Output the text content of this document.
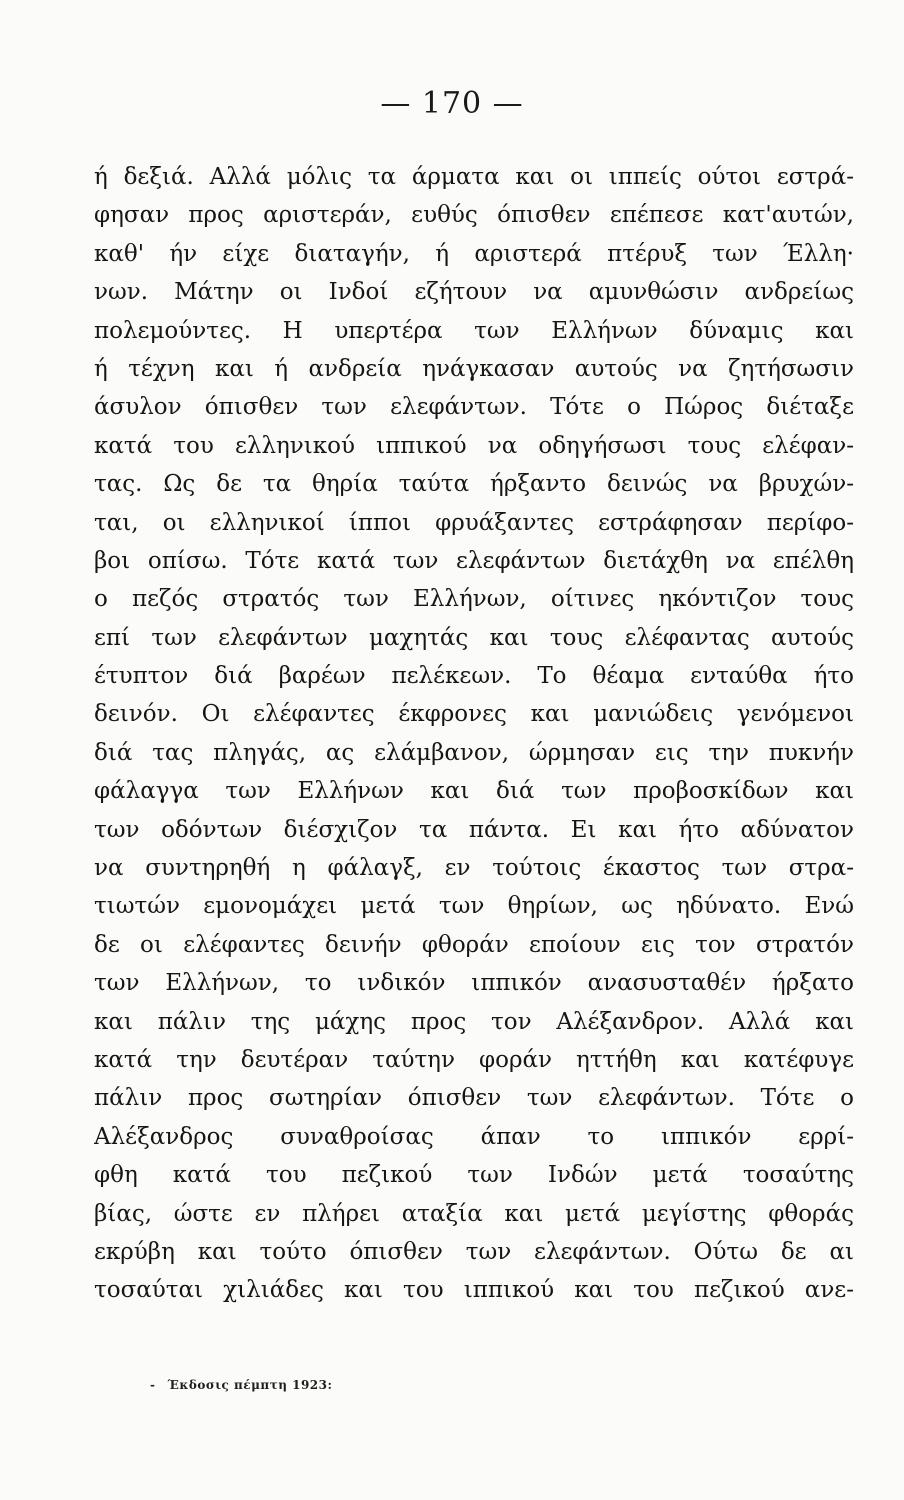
— 170 —
ή δεξιά. Αλλά μόλις τα άρματα και οι ιππείς ούτοι εστρά-
φησαν προς αριστεράν, ευθύς όπισθεν επέπεσε κατ'αυτών,
καθ' ήν είχε διαταγήν, ή αριστερά πτέρυξ των Έλλη·
νων. Μάτην οι Ινδοί εζήτουν να αμυνθώσιν ανδρείως
πολεμούντες. Η υπερτέρα των Ελλήνων δύναμις και
ή τέχνη και ή ανδρεία ηνάγκασαν αυτούς να ζητήσωσιν
άσυλον όπισθεν των ελεφάντων. Τότε ο Πώρος διέταξε
κατά του ελληνικού ιππικού να οδηγήσωσι τους ελέφαν-
τας. Ως δε τα θηρία ταύτα ήρξαντο δεινώς να βρυχών-
ται, οι ελληνικοί ίπποι φρυάξαντες εστράφησαν περίφο-
βοι οπίσω. Τότε κατά των ελεφάντων διετάχθη να επέλθη
ο πεζός στρατός των Ελλήνων, οίτινες ηκόντιζον τους
επί των ελεφάντων μαχητάς και τους ελέφαντας αυτούς
έτυπτον διά βαρέων πελέκεων. Το θέαμα ενταύθα ήτο
δεινόν. Οι ελέφαντες έκφρονες και μανιώδεις γενόμενοι
διά τας πληγάς, ας ελάμβανον, ώρμησαν εις την πυκνήν
φάλαγγα των Ελλήνων και διά των προβοσκίδων και
των οδόντων διέσχιζον τα πάντα. Ει και ήτο αδύνατον
να συντηρηθή η φάλαγξ, εν τούτοις έκαστος των στρα-
τιωτών εμονομάχει μετά των θηρίων, ως ηδύνατο. Ενώ
δε οι ελέφαντες δεινήν φθοράν εποίουν εις τον στρατόν
των Ελλήνων, το ινδικόν ιππικόν ανασυσταθέν ήρξατο
και πάλιν της μάχης προς τον Αλέξανδρον. Αλλά και
κατά την δευτέραν ταύτην φοράν ηττήθη και κατέφυγε
πάλιν προς σωτηρίαν όπισθεν των ελεφάντων. Τότε ο
Αλέξανδρος συναθροίσας άπαν το ιππικόν ερρί-
φθη κατά του πεζικού των Ινδών μετά τοσαύτης
βίας, ώστε εν πλήρει αταξία και μετά μεγίστης φθοράς
εκρύβη και τούτο όπισθεν των ελεφάντων. Ούτω δε αι
τοσαύται χιλιάδες και του ιππικού και του πεζικού ανε-
- Έκδοσις πέμπτη 1923:
